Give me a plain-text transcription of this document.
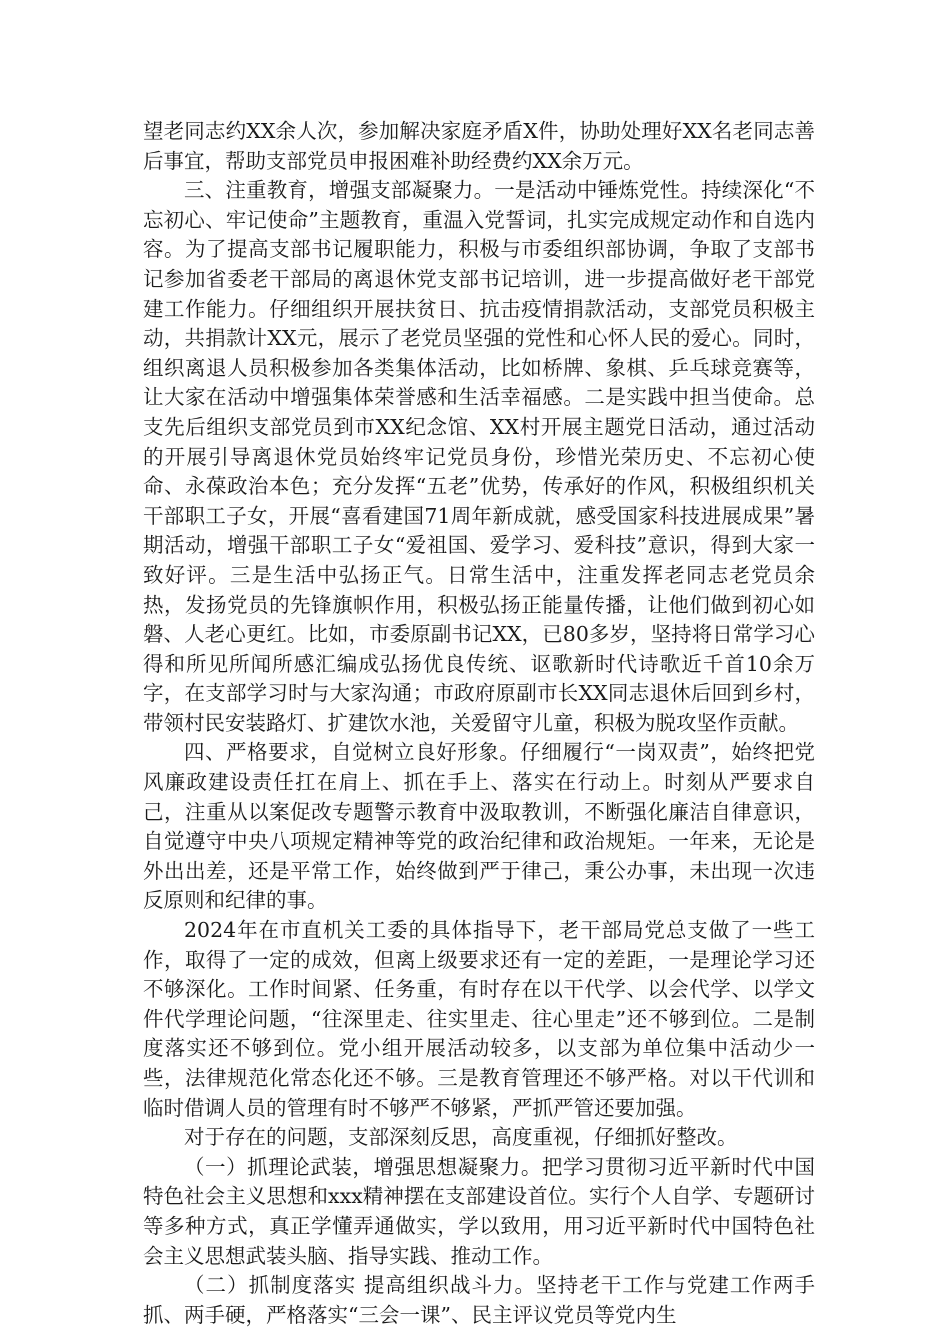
望老同志约XX余人次，参加解决家庭矛盾X件，协助处理好XX名老同志善后事宜，帮助支部党员申报困难补助经费约XX余万元。

三、注重教育，增强支部凝聚力。一是活动中锤炼党性。持续深化“不忘初心、牢记使命”主题教育，重温入党誓词，扎实完成规定动作和自选内容。为了提高支部书记履职能力，积极与市委组织部协调，争取了支部书记参加省委老干部局的离退休党支部书记培训，进一步提高做好老干部党建工作能力。仔细组织开展扶贫日、抗击疫情捐款活动，支部党员积极主动，共捐款计XX元，展示了老党员坚强的党性和心怀人民的爱心。同时，组织离退人员积极参加各类集体活动，比如桥牌、象棋、乒乓球竞赛等，让大家在活动中增强集体荣誉感和生活幸福感。二是实践中担当使命。总支先后组织支部党员到市XX纪念馆、XX村开展主题党日活动，通过活动的开展引导离退休党员始终牢记党员身份，珍惜光荣历史、不忘初心使命、永葆政治本色；充分发挥“五老”优势，传承好的作风，积极组织机关干部职工子女，开展“喜看建国71周年新成就，感受国家科技进展成果”暑期活动，增强干部职工子女“爱祖国、爱学习、爱科技”意识，得到大家一致好评。三是生活中弘扬正气。日常生活中，注重发挥老同志老党员余热，发扬党员的先锋旗帜作用，积极弘扬正能量传播，让他们做到初心如磐、人老心更红。比如，市委原副书记XX，已80多岁，坚持将日常学习心得和所见所闻所感汇编成弘扬优良传统、讴歌新时代诗歌近千首10余万字，在支部学习时与大家沟通；市政府原副市长XX同志退休后回到乡村，带领村民安装路灯、扩建饮水池，关爱留守儿童，积极为脱攻坚作贡献。

四、严格要求，自觉树立良好形象。仔细履行“一岗双责”，始终把党风廉政建设责任扛在肩上、抓在手上、落实在行动上。时刻从严要求自己，注重从以案促改专题警示教育中汲取教训，不断强化廉洁自律意识，自觉遵守中央八项规定精神等党的政治纪律和政治规矩。一年来，无论是外出出差，还是平常工作，始终做到严于律己，秉公办事，未出现一次违反原则和纪律的事。

2024年在市直机关工委的具体指导下，老干部局党总支做了一些工作，取得了一定的成效，但离上级要求还有一定的差距，一是理论学习还不够深化。工作时间紧、任务重，有时存在以干代学、以会代学、以学文件代学理论问题，“往深里走、往实里走、往心里走”还不够到位。二是制度落实还不够到位。党小组开展活动较多，以支部为单位集中活动少一些，法律规范化常态化还不够。三是教育管理还不够严格。对以干代训和临时借调人员的管理有时不够严不够紧，严抓严管还要加强。

对于存在的问题，支部深刻反思，高度重视，仔细抓好整改。

（一）抓理论武装，增强思想凝聚力。把学习贯彻习近平新时代中国特色社会主义思想和xxx精神摆在支部建设首位。实行个人自学、专题研讨等多种方式，真正学懂弄通做实，学以致用，用习近平新时代中国特色社会主义思想武装头脑、指导实践、推动工作。

（二）抓制度落实 提高组织战斗力。坚持老干工作与党建工作两手抓、两手硬，严格落实“三会一课”、民主评议党员等党内生
